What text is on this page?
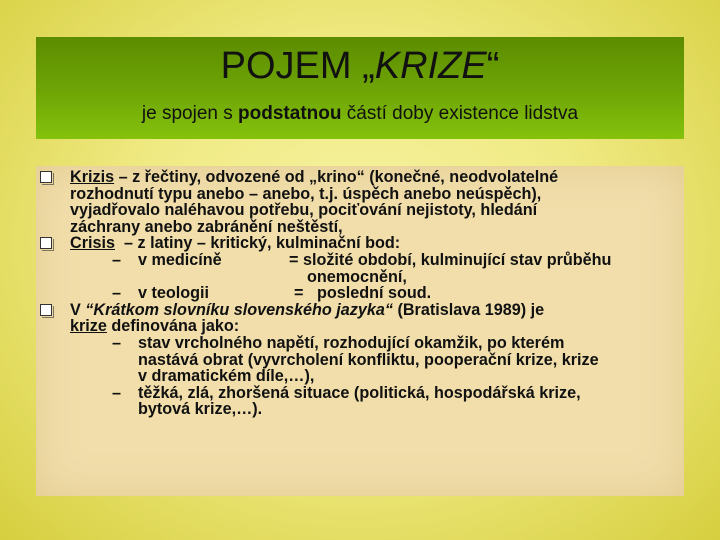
POJEM „KRIZE“
je spojen s podstatnou částí doby existence lidstva
Krizis – z řečtiny, odvozené od „krino“ (konečné, neodvolatelné
rozhodnutí typu anebo – anebo, t.j. úspěch anebo neúspěch),
vyjadřovalo naléhavou potřebu, pociťování nejistoty, hledání
záchrany anebo zabránění neštěstí,
Crisis  – z latiny – kritický, kulminační bod:
– v medicíně	= složité období, kulminující stav průběhu
onemocnění,
– v teologii	=   poslední soud.
V “Krátkom slovníku slovenského jazyka“ (Bratislava 1989) je
krize definována jako:
– stav vrcholného napětí, rozhodující okamžik, po kterém
nastává obrat (vyvrcholení konfliktu, pooperační krize, krize
v dramatickém díle,…),
– těžká, zlá, zhoršená situace (politická, hospodářská krize,
bytová krize,…).
